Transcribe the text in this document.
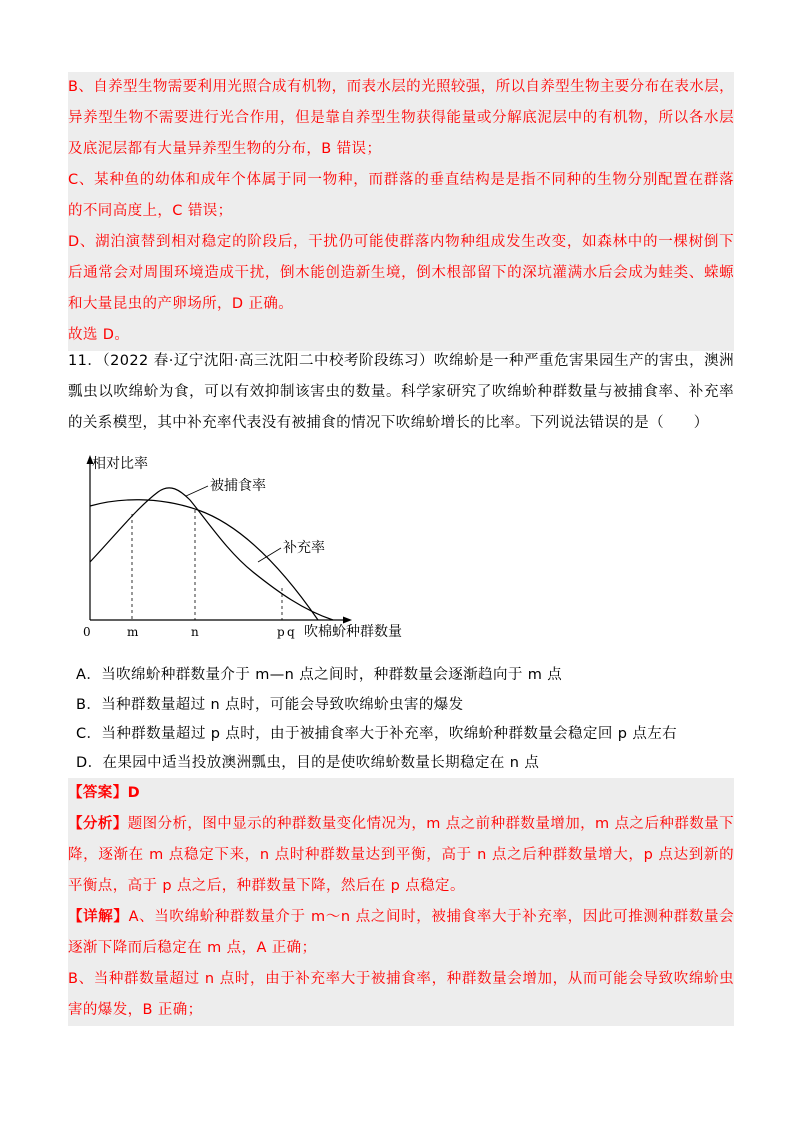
B、自养型生物需要利用光照合成有机物，而表水层的光照较强，所以自养型生物主要分布在表水层，异养型生物不需要进行光合作用，但是靠自养型生物获得能量或分解底泥层中的有机物，所以各水层及底泥层都有大量异养型生物的分布，B 错误；

C、某种鱼的幼体和成年个体属于同一物种，而群落的垂直结构是是指不同种的生物分别配置在群落的不同高度上，C 错误；

D、湖泊演替到相对稳定的阶段后，干扰仍可能使群落内物种组成发生改变，如森林中的一棵树倒下后通常会对周围环境造成干扰，倒木能创造新生境，倒木根部留下的深坑灌满水后会成为蛙类、蝾螈和大量昆虫的产卵场所，D 正确。

故选 D。

11．（2022 春·辽宁沈阳·高三沈阳二中校考阶段练习）吹绵蚧是一种严重危害果园生产的害虫，澳洲瓢虫以吹绵蚧为食，可以有效抑制该害虫的数量。科学家研究了吹绵蚧种群数量与被捕食率、补充率的关系模型，其中补充率代表没有被捕食的情况下吹绵蚧增长的比率。下列说法错误的是（　　）

相对比率
被捕食率
补充率
0	m	n	p q 吹棉蚧种群数量
A．当吹绵蚧种群数量介于 m—n 点之间时，种群数量会逐渐趋向于 m 点
B．当种群数量超过 n 点时，可能会导致吹绵蚧虫害的爆发
C．当种群数量超过 p 点时，由于被捕食率大于补充率，吹绵蚧种群数量会稳定回 p 点左右
D．在果园中适当投放澳洲瓢虫，目的是使吹绵蚧数量长期稳定在 n 点

【答案】D

【分析】题图分析，图中显示的种群数量变化情况为，m 点之前种群数量增加，m 点之后种群数量下降，逐渐在 m 点稳定下来，n 点时种群数量达到平衡，高于 n 点之后种群数量增大，p 点达到新的平衡点，高于 p 点之后，种群数量下降，然后在 p 点稳定。

【详解】A、当吹绵蚧种群数量介于 m～n 点之间时，被捕食率大于补充率，因此可推测种群数量会逐渐下降而后稳定在 m 点，A 正确；

B、当种群数量超过 n 点时，由于补充率大于被捕食率，种群数量会增加，从而可能会导致吹绵蚧虫害的爆发，B 正确；
